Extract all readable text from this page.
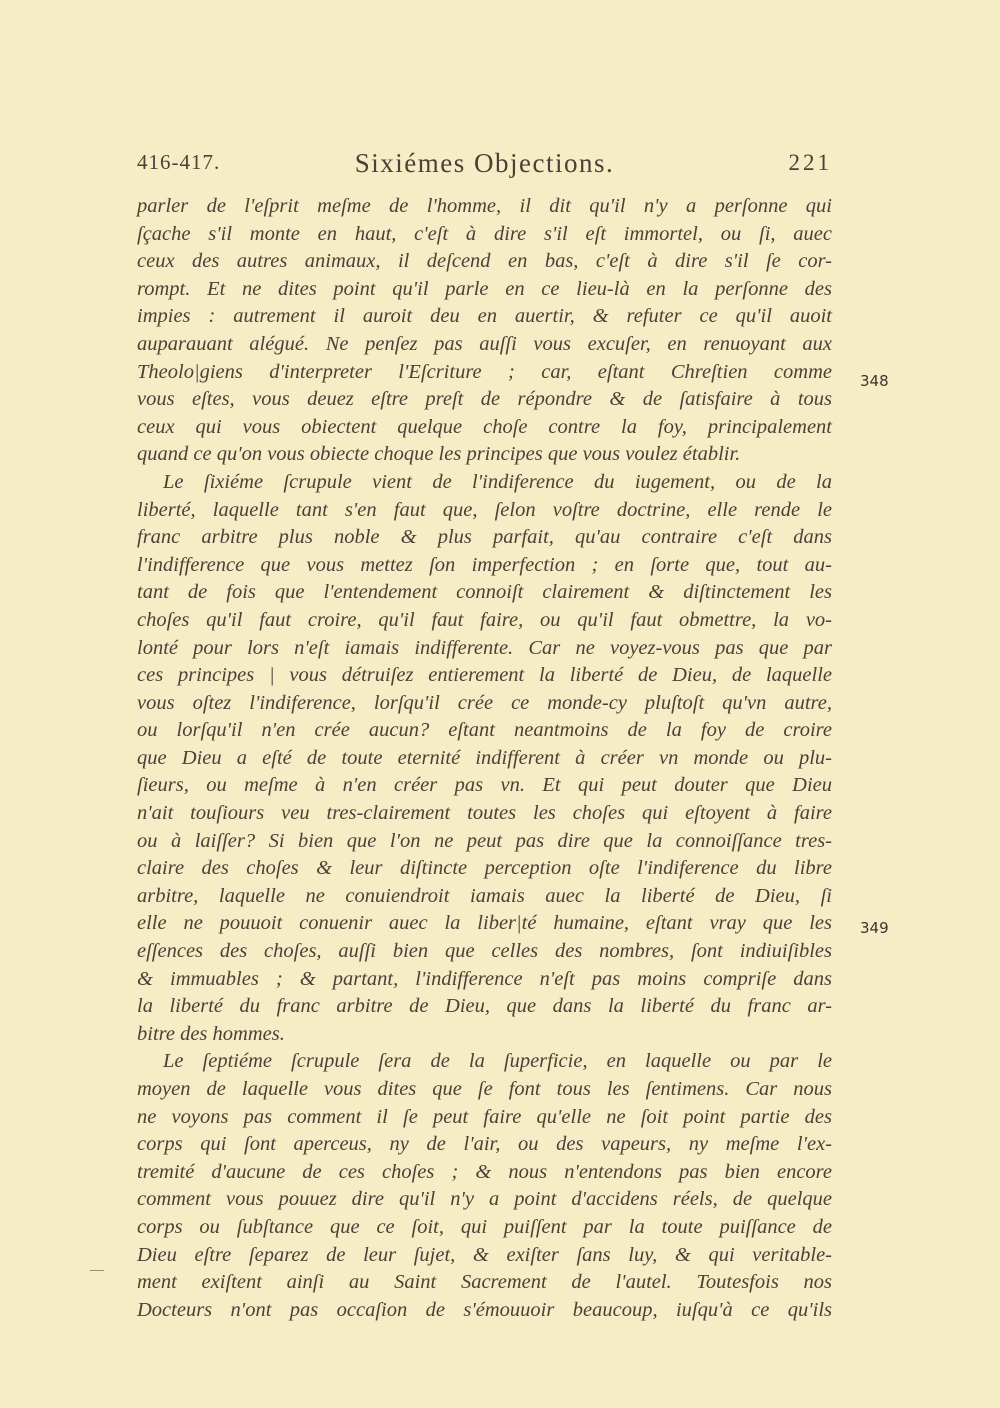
416-417.	Sixiémes Objections.	221
parler de l'eſprit meſme de l'homme, il dit qu'il n'y a perſonne qui
ſçache s'il monte en haut, c'eſt à dire s'il eſt immortel, ou ſi, auec
ceux des autres animaux, il deſcend en bas, c'eſt à dire s'il ſe cor-
rompt. Et ne dites point qu'il parle en ce lieu-là en la perſonne des
impies : autrement il auroit deu en auertir, & refuter ce qu'il auoit
auparauant alégué. Ne penſez pas auſſi vous excuſer, en renuoyant aux
Theolo|giens d'interpreter l'Eſcriture ; car, eſtant Chreſtien comme
vous eſtes, vous deuez eſtre preſt de répondre & de ſatisfaire à tous
ceux qui vous obiectent quelque choſe contre la foy, principalement
quand ce qu'on vous obiecte choque les principes que vous voulez établir.
Le ſixiéme ſcrupule vient de l'indiference du iugement, ou de la
liberté, laquelle tant s'en faut que, ſelon voſtre doctrine, elle rende le
franc arbitre plus noble & plus parfait, qu'au contraire c'eſt dans
l'indifference que vous mettez ſon imperfection ; en ſorte que, tout au-
tant de fois que l'entendement connoiſt clairement & diſtinctement les
choſes qu'il faut croire, qu'il faut faire, ou qu'il faut obmettre, la vo-
lonté pour lors n'eſt iamais indifferente. Car ne voyez-vous pas que par
ces principes | vous détruiſez entierement la liberté de Dieu, de laquelle
vous oſtez l'indiference, lorſqu'il crée ce monde-cy pluſtoſt qu'vn autre,
ou lorſqu'il n'en crée aucun? eſtant neantmoins de la foy de croire
que Dieu a eſté de toute eternité indifferent à créer vn monde ou plu-
ſieurs, ou meſme à n'en créer pas vn. Et qui peut douter que Dieu
n'ait touſiours veu tres-clairement toutes les choſes qui eſtoyent à faire
ou à laiſſer? Si bien que l'on ne peut pas dire que la connoiſſance tres-
claire des choſes & leur diſtincte perception oſte l'indiference du libre
arbitre, laquelle ne conuiendroit iamais auec la liberté de Dieu, ſi
elle ne pouuoit conuenir auec la liber|té humaine, eſtant vray que les
eſſences des choſes, auſſi bien que celles des nombres, ſont indiuiſibles
& immuables ; & partant, l'indifference n'eſt pas moins compriſe dans
la liberté du franc arbitre de Dieu, que dans la liberté du franc ar-
bitre des hommes.
Le ſeptiéme ſcrupule ſera de la ſuperficie, en laquelle ou par le
moyen de laquelle vous dites que ſe font tous les ſentimens. Car nous
ne voyons pas comment il ſe peut faire qu'elle ne ſoit point partie des
corps qui ſont aperceus, ny de l'air, ou des vapeurs, ny meſme l'ex-
tremité d'aucune de ces choſes ; & nous n'entendons pas bien encore
comment vous pouuez dire qu'il n'y a point d'accidens réels, de quelque
corps ou ſubſtance que ce ſoit, qui puiſſent par la toute puiſſance de
Dieu eſtre ſeparez de leur ſujet, & exiſter ſans luy, & qui veritable-
ment exiſtent ainſi au Saint Sacrement de l'autel. Toutesfois nos
Docteurs n'ont pas occaſion de s'émouuoir beaucoup, iuſqu'à ce qu'ils
348
349
